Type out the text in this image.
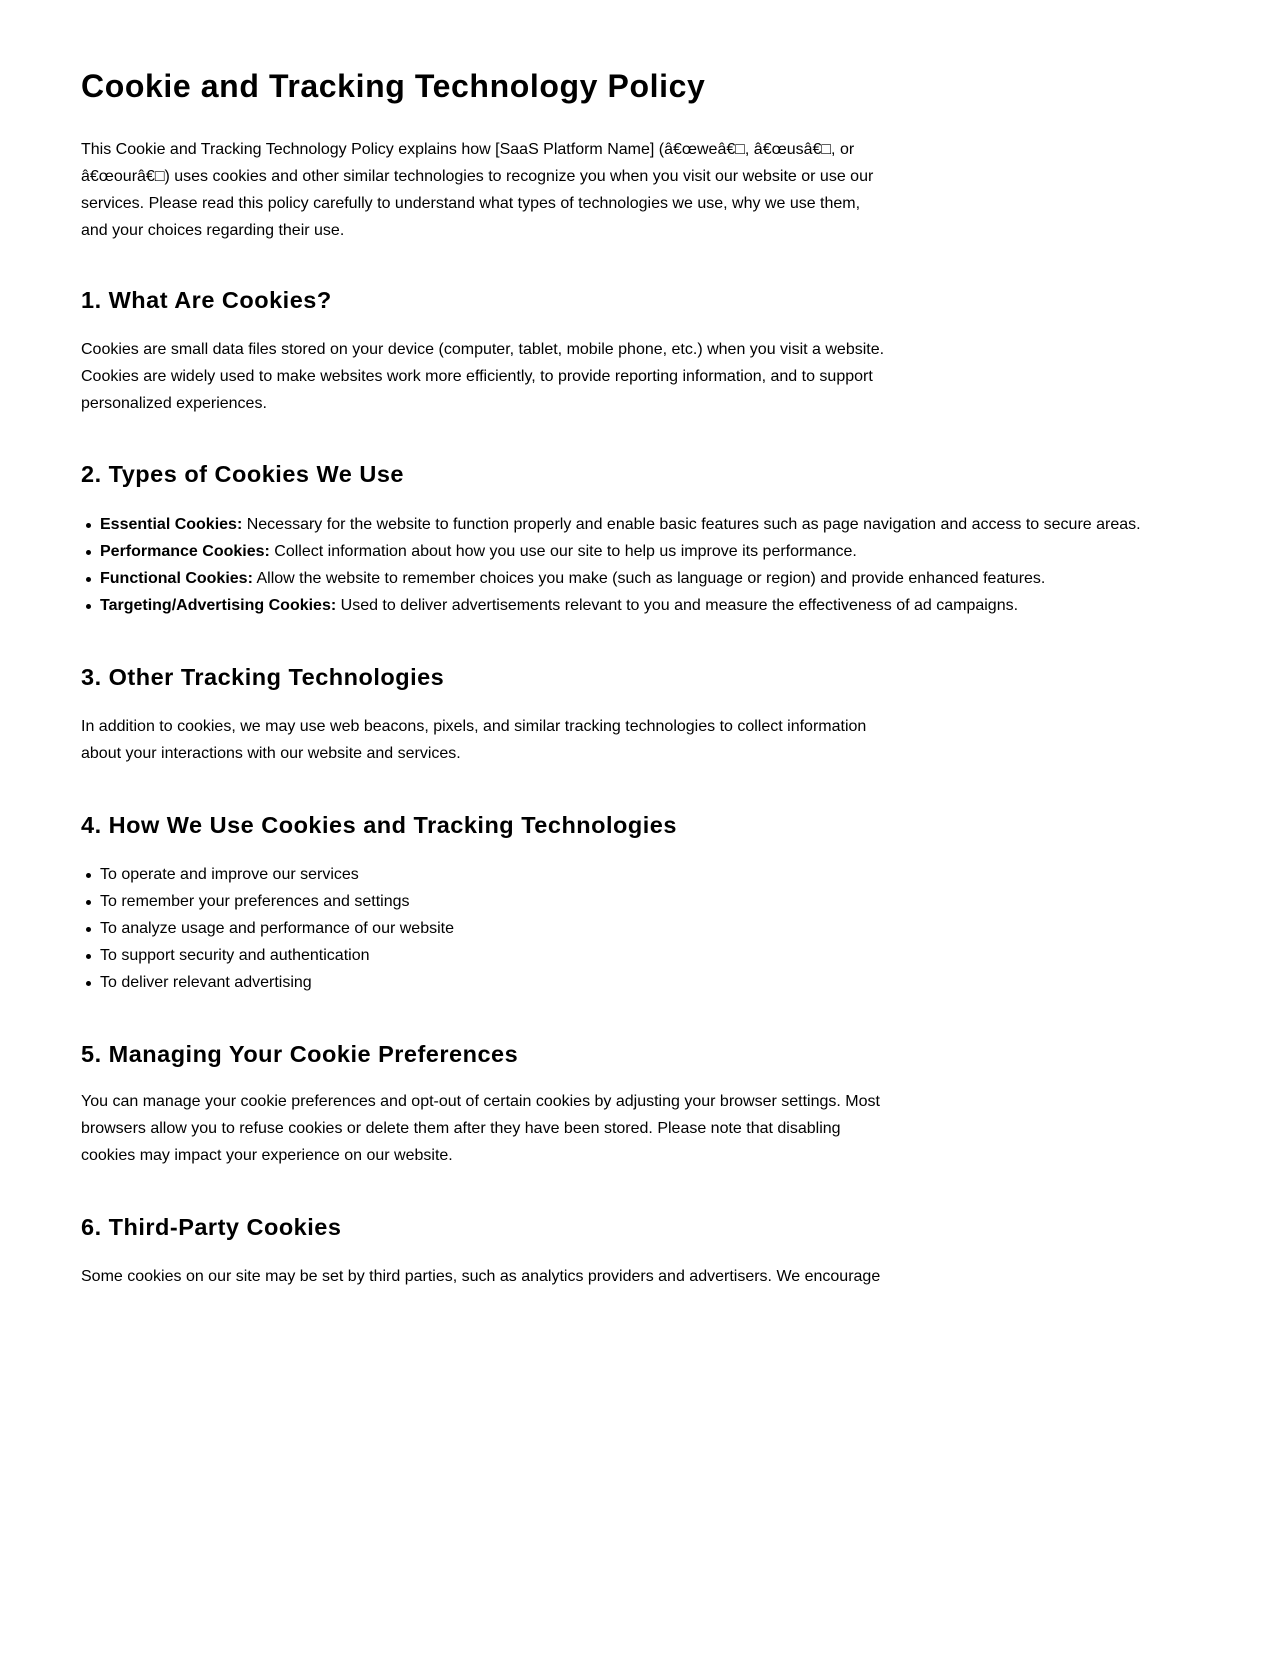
Cookie and Tracking Technology Policy

This Cookie and Tracking Technology Policy explains how [SaaS Platform Name] (â€œweâ€□, â€œusâ€□, or â€œourâ€□) uses cookies and other similar technologies to recognize you when you visit our website or use our services. Please read this policy carefully to understand what types of technologies we use, why we use them, and your choices regarding their use.

1. What Are Cookies?

Cookies are small data files stored on your device (computer, tablet, mobile phone, etc.) when you visit a website. Cookies are widely used to make websites work more efficiently, to provide reporting information, and to support personalized experiences.

2. Types of Cookies We Use
Essential Cookies: Necessary for the website to function properly and enable basic features such as page navigation and access to secure areas.
Performance Cookies: Collect information about how you use our site to help us improve its performance.
Functional Cookies: Allow the website to remember choices you make (such as language or region) and provide enhanced features.
Targeting/Advertising Cookies: Used to deliver advertisements relevant to you and measure the effectiveness of ad campaigns.
3. Other Tracking Technologies

In addition to cookies, we may use web beacons, pixels, and similar tracking technologies to collect information about your interactions with our website and services.

4. How We Use Cookies and Tracking Technologies
To operate and improve our services
To remember your preferences and settings
To analyze usage and performance of our website
To support security and authentication
To deliver relevant advertising
5. Managing Your Cookie Preferences

You can manage your cookie preferences and opt-out of certain cookies by adjusting your browser settings. Most browsers allow you to refuse cookies or delete them after they have been stored. Please note that disabling cookies may impact your experience on our website.

6. Third-Party Cookies

Some cookies on our site may be set by third parties, such as analytics providers and advertisers. We encourage
